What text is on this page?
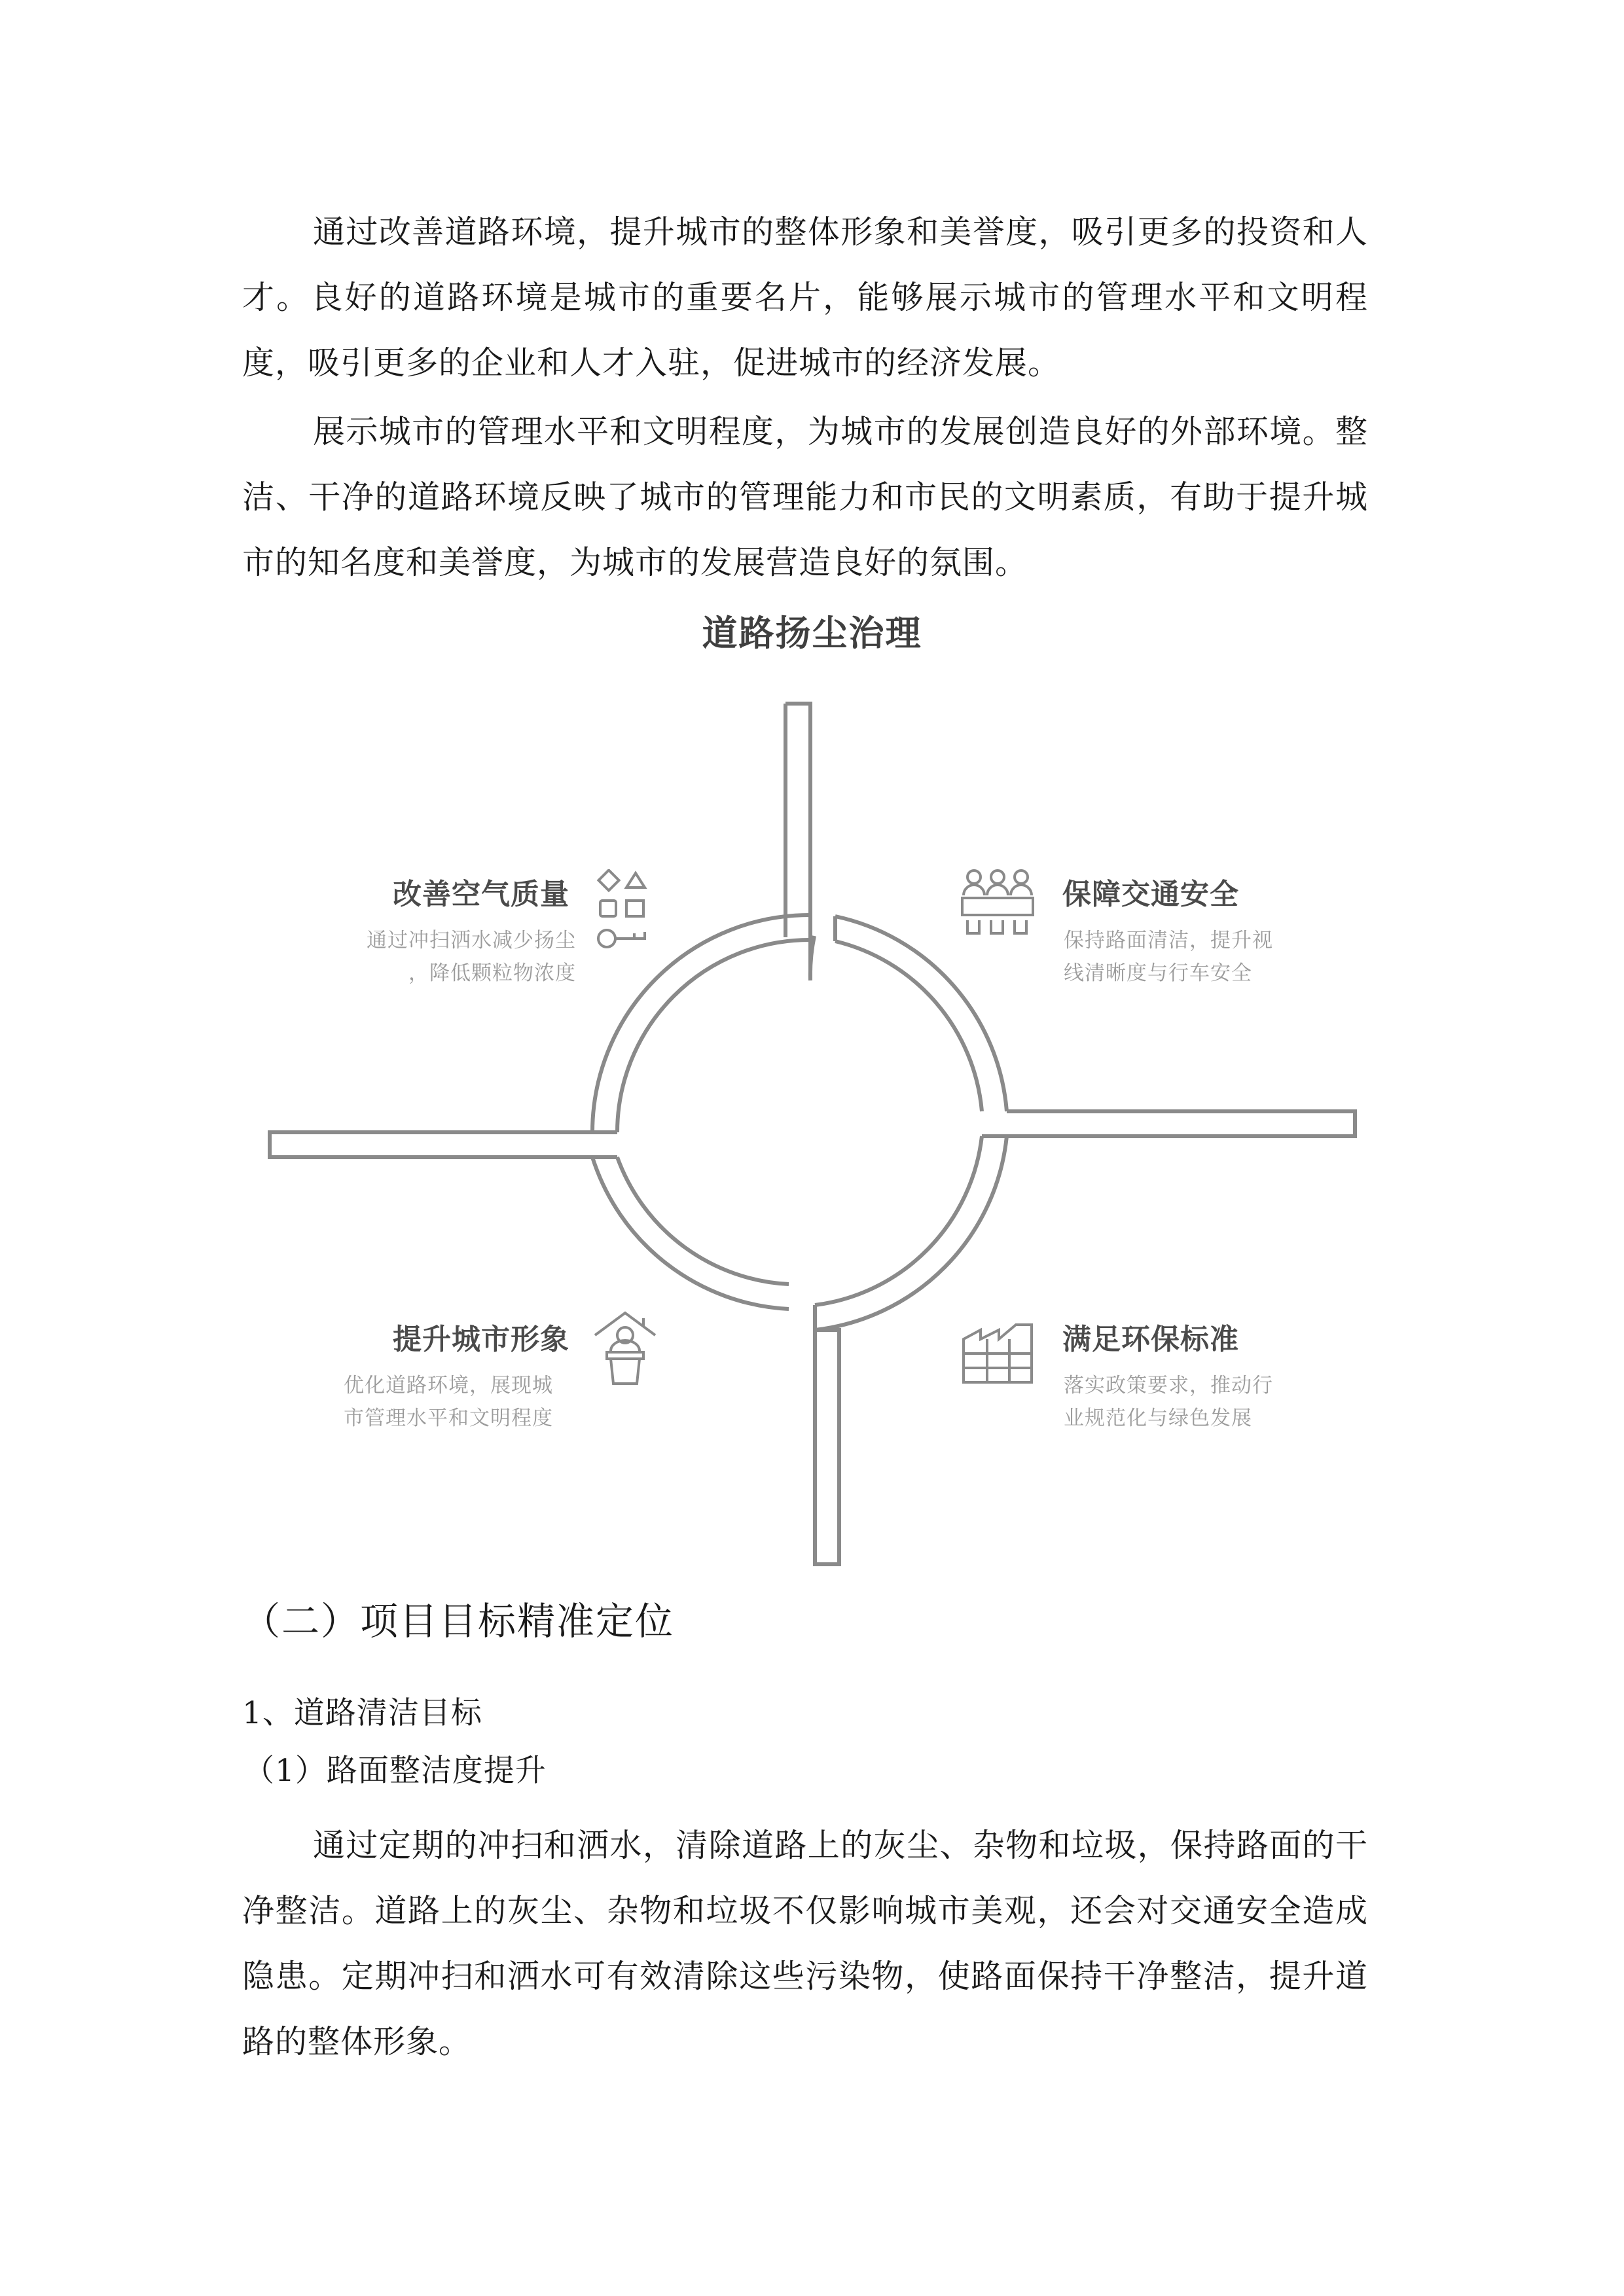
通过改善道路环境，提升城市的整体形象和美誉度，吸引更多的投资和人才。良好的道路环境是城市的重要名片，能够展示城市的管理水平和文明程度，吸引更多的企业和人才入驻，促进城市的经济发展。

展示城市的管理水平和文明程度，为城市的发展创造良好的外部环境。整洁、干净的道路环境反映了城市的管理能力和市民的文明素质，有助于提升城市的知名度和美誉度，为城市的发展营造良好的氛围。

道路扬尘治理
改善空气质量
通过冲扫洒水减少扬尘
，降低颗粒物浓度
保障交通安全
保持路面清洁，提升视
线清晰度与行车安全
提升城市形象
优化道路环境，展现城
市管理水平和文明程度
满足环保标准
落实政策要求，推动行
业规范化与绿色发展
（二）项目目标精准定位
1、道路清洁目标
（1）路面整洁度提升

通过定期的冲扫和洒水，清除道路上的灰尘、杂物和垃圾，保持路面的干净整洁。道路上的灰尘、杂物和垃圾不仅影响城市美观，还会对交通安全造成隐患。定期冲扫和洒水可有效清除这些污染物，使路面保持干净整洁，提升道路的整体形象。
